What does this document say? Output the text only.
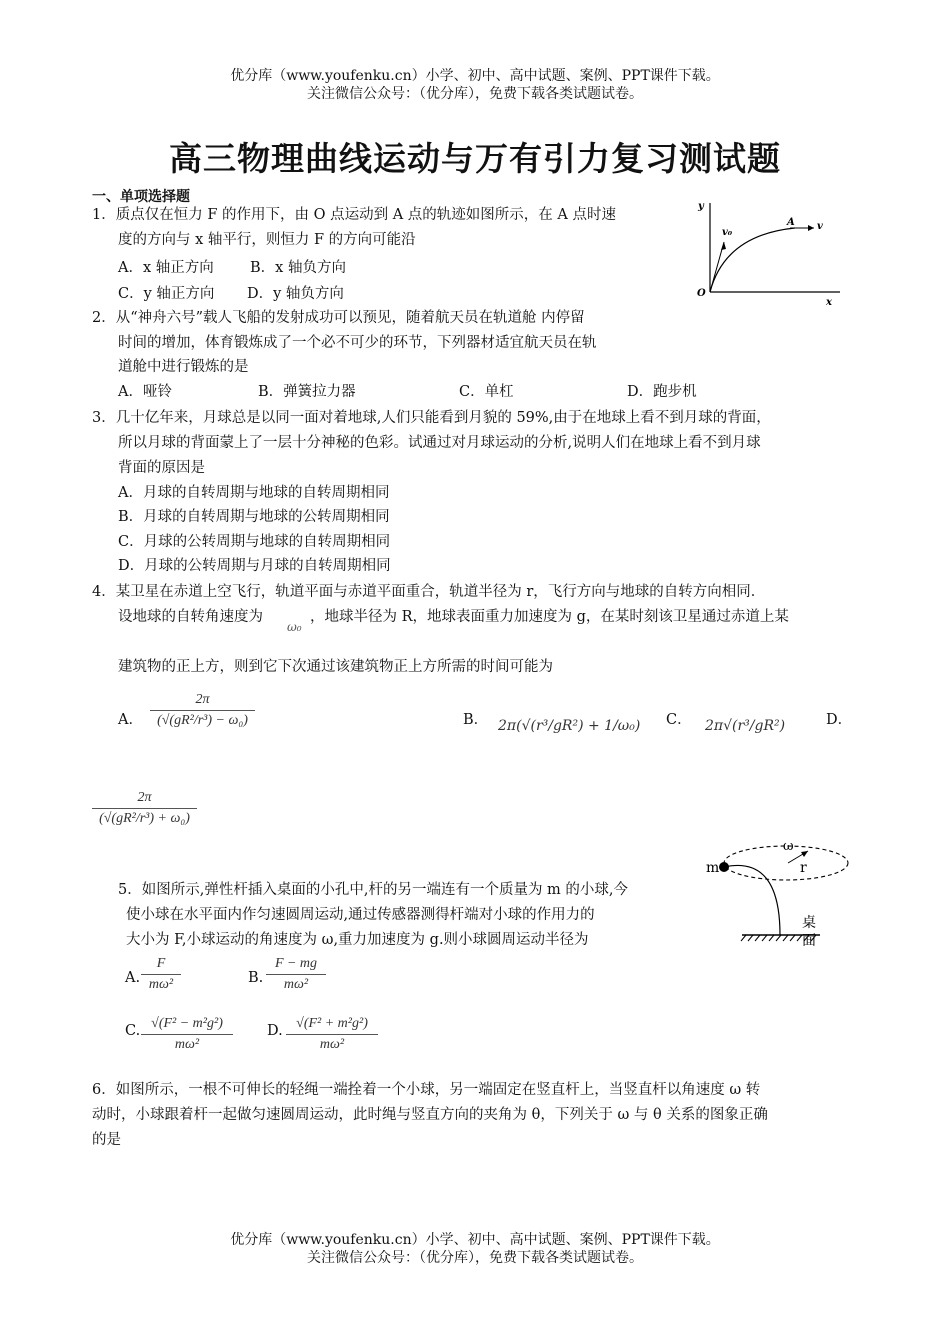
优分库（www.youfenku.cn）小学、初中、高中试题、案例、PPT课件下载。
关注微信公众号：（优分库），免费下载各类试题试卷。
高三物理曲线运动与万有引力复习测试题
一、单项选择题
1．质点仅在恒力 F 的作用下，由 O 点运动到 A 点的轨迹如图所示，在 A 点时速
度的方向与 x 轴平行，则恒力 F 的方向可能沿
A．x 轴正方向 B．x 轴负方向
C．y 轴正方向 D．y 轴负方向
y
x
O
v₀
A v
2．从“神舟六号”载人飞船的发射成功可以预见，随着航天员在轨道舱 内停留
时间的增加，体育锻炼成了一个必不可少的环节，下列器材适宜航天员在轨
道舱中进行锻炼的是
A．哑铃	B．弹簧拉力器	C．单杠	D．跑步机
3．几十亿年来，月球总是以同一面对着地球,人们只能看到月貌的 59%,由于在地球上看不到月球的背面，
所以月球的背面蒙上了一层十分神秘的色彩。试通过对月球运动的分析,说明人们在地球上看不到月球
背面的原因是
A．月球的自转周期与地球的自转周期相同
B．月球的自转周期与地球的公转周期相同
C．月球的公转周期与地球的自转周期相同
D．月球的公转周期与月球的自转周期相同
4．某卫星在赤道上空飞行，轨道平面与赤道平面重合，轨道半径为 r，飞行方向与地球的自转方向相同．
设地球的自转角速度为
ω₀
，地球半径为 R，地球表面重力加速度为 g，在某时刻该卫星通过赤道上某
建筑物的正上方，则到它下次通过该建筑物正上方所需的时间可能为
A． $\frac{2\pi}{\text{(√(gR²/r³) − ω₀)}}$	B． 2π(√(r³/gR²) + 1/ω₀) C． 2π√(r³/gR²)	D．
$\frac{2\pi}{\text{(√(gR²/r³) + ω₀)}}$
m
ω
r
桌
面
5．如图所示,弹性杆插入桌面的小孔中,杆的另一端连有一个质量为 m 的小球,今
使小球在水平面内作匀速圆周运动,通过传感器测得杆端对小球的作用力的
大小为 F,小球运动的角速度为 ω,重力加速度为 g.则小球圆周运动半径为
A. $\frac{F}{\text{mω²}}$	B. $\frac{F - mg}{\text{mω²}}$
C. $\frac{\text{√(F² − m²g²)}}{\text{mω²}} D$. $\frac{\text{√(F² + m²g²)}}{\text{mω²}}$
6．如图所示，一根不可伸长的轻绳一端拴着一个小球，另一端固定在竖直杆上，当竖直杆以角速度 ω 转
动时，小球跟着杆一起做匀速圆周运动，此时绳与竖直方向的夹角为 θ，下列关于 ω 与 θ 关系的图象正确
的是
优分库（www.youfenku.cn）小学、初中、高中试题、案例、PPT课件下载。
关注微信公众号：（优分库），免费下载各类试题试卷。
